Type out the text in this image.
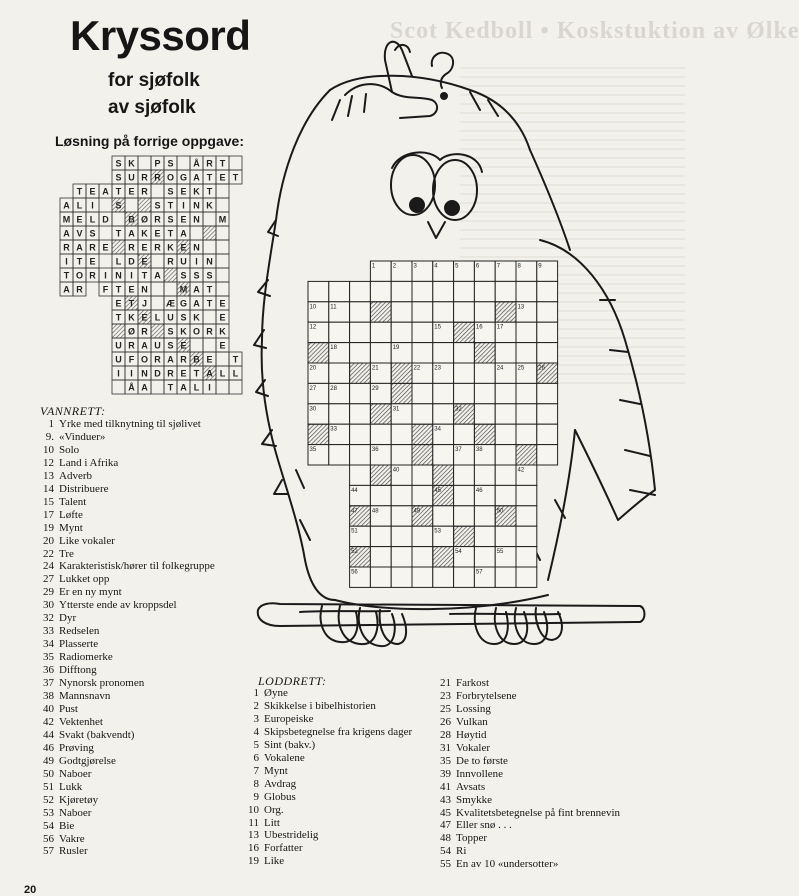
Scot Kedboll • Koskstuktion av Ølke
Kryssord
for sjøfolk
av sjøfolk
Løsning på forrige oppgave:
S K P S Å R T
S U R R O G A T E T
T E A T E R S E K T
A L I S	S T I N K
M E L D B Ø R S E N M
A V S T A K E T A
R A R E R E R K E N
I T E L D E R U I N
T O R I N I T A S S S
A R F T E N	M A T
E T J Æ G A T E
T K E L U S K E
Ø R S K O R K
U R A U S E	E
U F O R A R B E T
I I N D R E T A L L
Å A T A L I
1	2	3	4	5	6	7	8	9
10 11	13
12	15	16 17
18	19
20	21	22 23	24 25 26
27 28	29
30	31	32
33	34
35	36	37 38
40	42
44	45	46
47 48	49	50
51	53
52	54	55
56	57
VANNRETT:
1 Yrke med tilknytning til sjølivet
9. «Vinduer»
10 Solo
12 Land i Afrika
13 Adverb
14 Distribuere
15 Talent
17 Løfte
19 Mynt
20 Like vokaler
22 Tre
24 Karakteristisk/hører til folkegruppe
27 Lukket opp
29 Er en ny mynt
30 Ytterste ende av kroppsdel
32 Dyr
33 Redselen
34 Plasserte
35 Radiomerke
36 Difftong
37 Nynorsk pronomen
38 Mannsnavn
40 Pust
42 Vektenhet
44 Svakt (bakvendt)
46 Prøving
49 Godtgjørelse
50 Naboer
51 Lukk
52 Kjøretøy
53 Naboer
54 Bie
56 Vakre
57 Rusler
LODDRETT:
1 Øyne
2 Skikkelse i bibelhistorien
3 Europeiske
4 Skipsbetegnelse fra krigens dager
5 Sint (bakv.)
6 Vokalene
7 Mynt
8 Avdrag
9 Globus
10 Org.
11 Litt
13 Ubestridelig
16 Forfatter
19 Like
21 Farkost
23 Forbrytelsene
25 Lossing
26 Vulkan
28 Høytid
31 Vokaler
35 De to første
39 Innvollene
41 Avsats
43 Smykke
45 Kvalitetsbetegnelse på fint brennevin
47 Eller snø . . .
48 Topper
54 Ri
55 En av 10 «undersotter»
20
